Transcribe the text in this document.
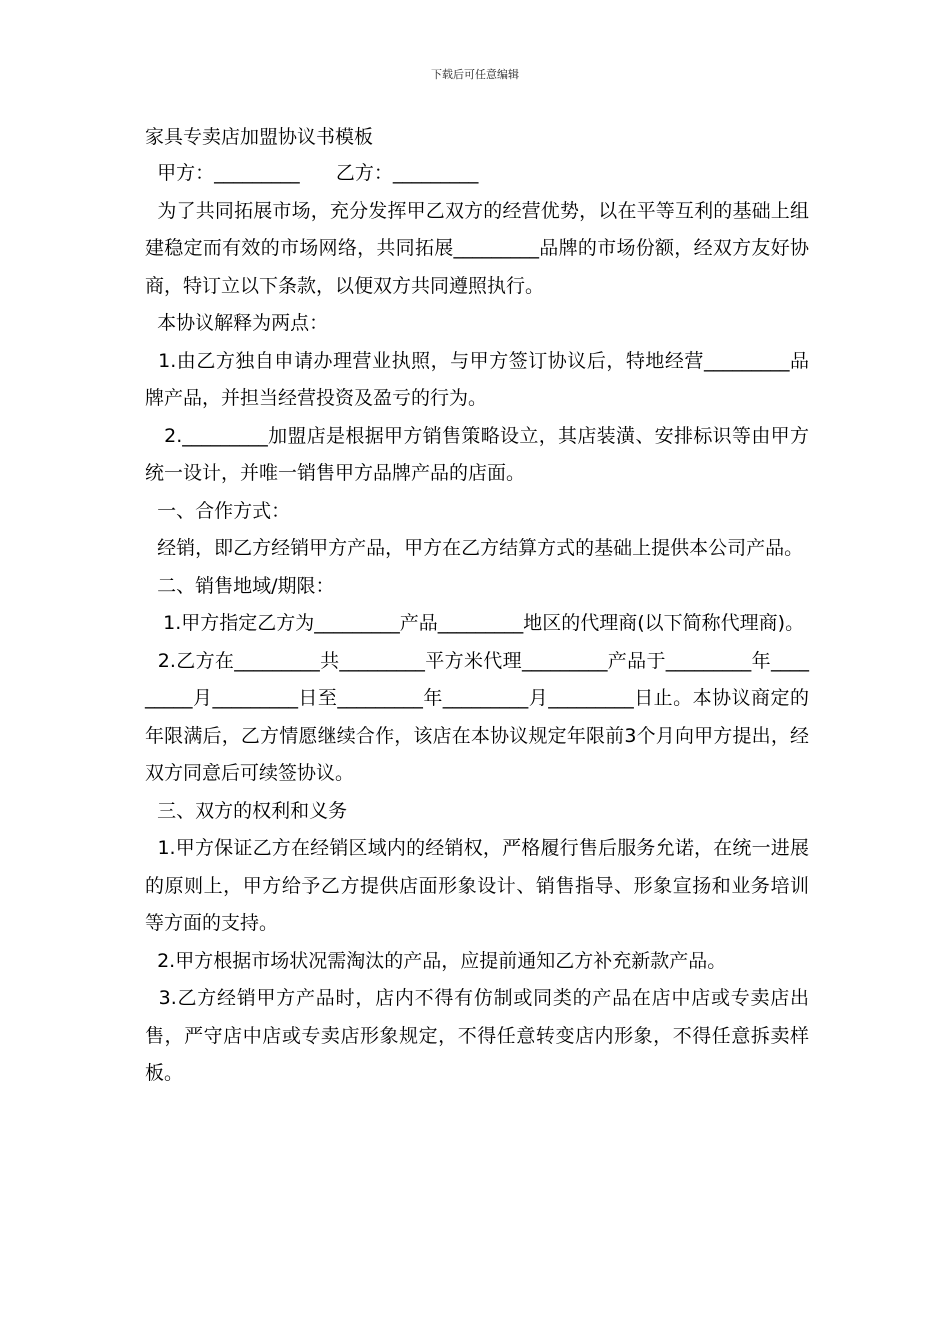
下载后可任意编辑
家具专卖店加盟协议书模板

甲方：_________      乙方：_________

为了共同拓展市场，充分发挥甲乙双方的经营优势，以在平等互利的基础上组建稳定而有效的市场网络，共同拓展_________品牌的市场份额，经双方友好协商，特订立以下条款，以便双方共同遵照执行。

本协议解释为两点：

1.由乙方独自申请办理营业执照，与甲方签订协议后，特地经营_________品牌产品，并担当经营投资及盈亏的行为。

2._________加盟店是根据甲方销售策略设立，其店装潢、安排标识等由甲方统一设计，并唯一销售甲方品牌产品的店面。

一、合作方式：

经销，即乙方经销甲方产品，甲方在乙方结算方式的基础上提供本公司产品。

二、销售地域/期限：

1.甲方指定乙方为_________产品_________地区的代理商(以下简称代理商)。

2.乙方在_________共_________平方米代理_________产品于_________年_________月_________日至_________年_________月_________日止。本协议商定的年限满后，乙方情愿继续合作，该店在本协议规定年限前3个月向甲方提出，经双方同意后可续签协议。

三、双方的权利和义务

1.甲方保证乙方在经销区域内的经销权，严格履行售后服务允诺，在统一进展的原则上，甲方给予乙方提供店面形象设计、销售指导、形象宣扬和业务培训等方面的支持。

2.甲方根据市场状况需淘汰的产品，应提前通知乙方补充新款产品。

3.乙方经销甲方产品时，店内不得有仿制或同类的产品在店中店或专卖店出售，严守店中店或专卖店形象规定，不得任意转变店内形象，不得任意拆卖样板。
